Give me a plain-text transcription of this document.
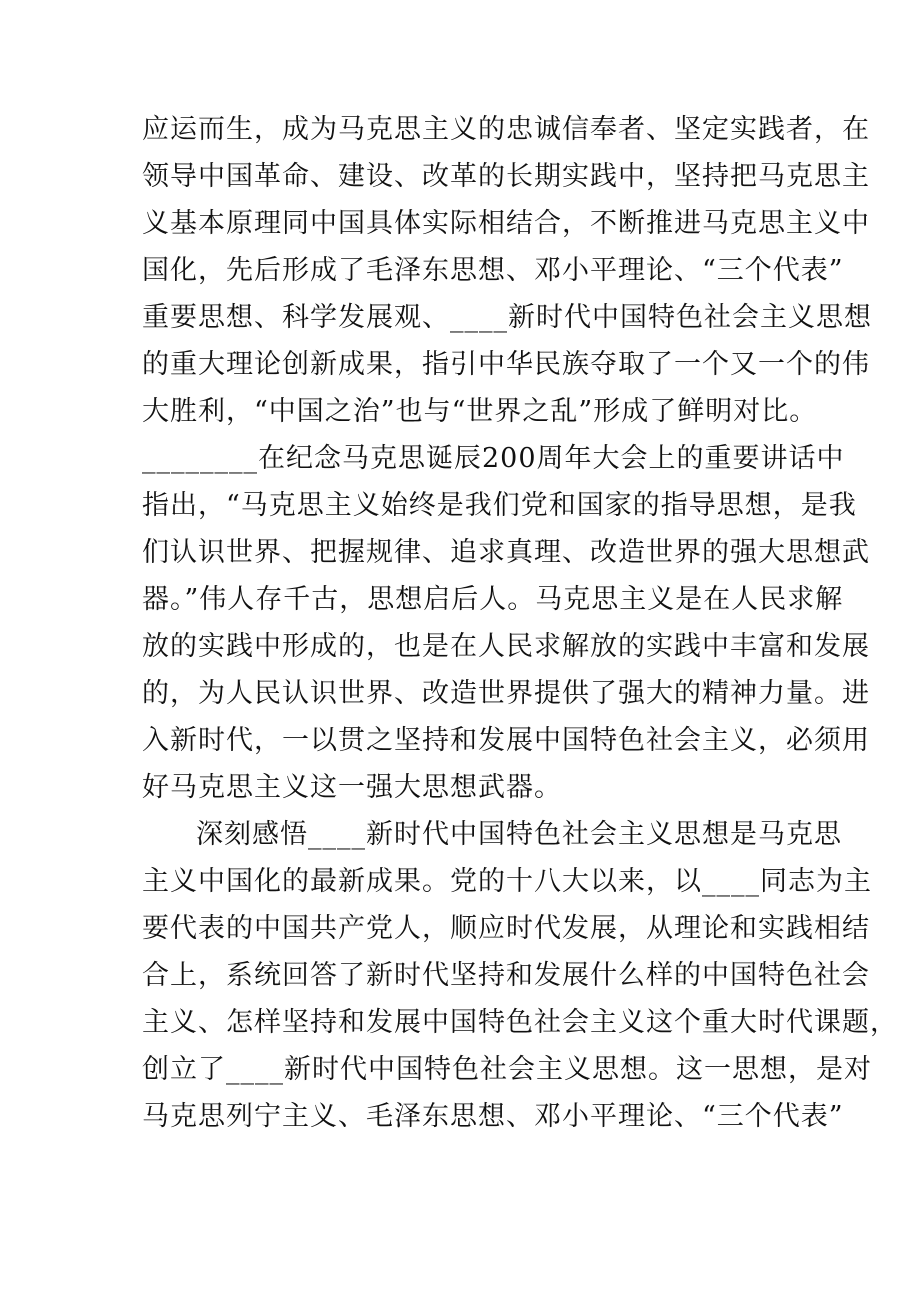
应运而生，成为马克思主义的忠诚信奉者、坚定实践者，在
领导中国革命、建设、改革的长期实践中，坚持把马克思主
义基本原理同中国具体实际相结合，不断推进马克思主义中
国化，先后形成了毛泽东思想、邓小平理论、“三个代表”
重要思想、科学发展观、____新时代中国特色社会主义思想
的重大理论创新成果，指引中华民族夺取了一个又一个的伟
大胜利，“中国之治”也与“世界之乱”形成了鲜明对比。
________在纪念马克思诞辰200周年大会上的重要讲话中
指出，“马克思主义始终是我们党和国家的指导思想，是我
们认识世界、把握规律、追求真理、改造世界的强大思想武
器。”伟人存千古，思想启后人。马克思主义是在人民求解
放的实践中形成的，也是在人民求解放的实践中丰富和发展
的，为人民认识世界、改造世界提供了强大的精神力量。进
入新时代，一以贯之坚持和发展中国特色社会主义，必须用
好马克思主义这一强大思想武器。
深刻感悟____新时代中国特色社会主义思想是马克思
主义中国化的最新成果。党的十八大以来，以____同志为主
要代表的中国共产党人，顺应时代发展，从理论和实践相结
合上，系统回答了新时代坚持和发展什么样的中国特色社会
主义、怎样坚持和发展中国特色社会主义这个重大时代课题，
创立了____新时代中国特色社会主义思想。这一思想，是对
马克思列宁主义、毛泽东思想、邓小平理论、“三个代表”
